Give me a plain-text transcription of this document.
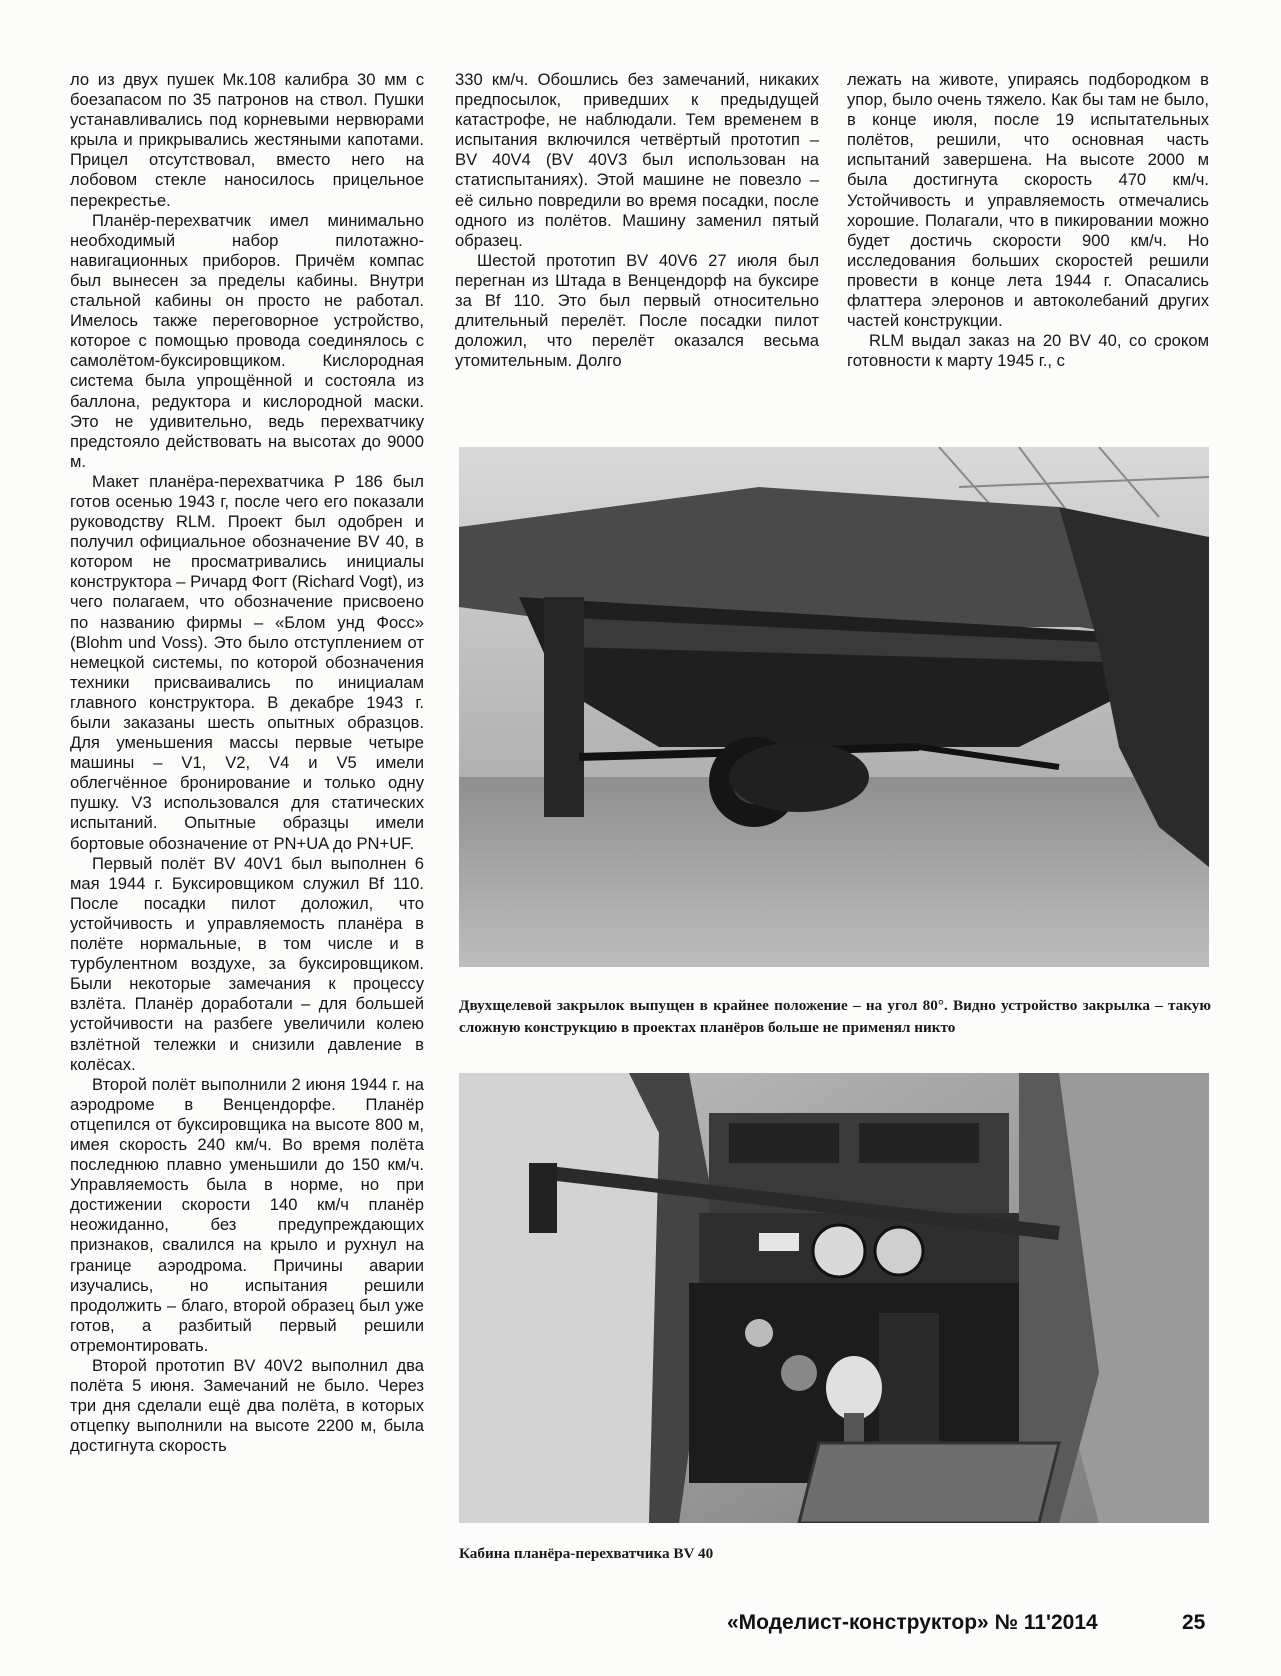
ло из двух пушек Мк.108 калибра 30 мм с боезапасом по 35 патронов на ствол. Пушки устанавливались под корневыми нервюрами крыла и прикрывались жестяными капотами. Прицел отсутствовал, вместо него на лобовом стекле наносилось прицельное перекрестье.

Планёр-перехватчик имел минимально необходимый набор пилотажно-навигационных приборов. Причём компас был вынесен за пределы кабины. Внутри стальной кабины он просто не работал. Имелось также переговорное устройство, которое с помощью провода соединялось с самолётом-буксировщиком. Кислородная система была упрощённой и состояла из баллона, редуктора и кислородной маски. Это не удивительно, ведь перехватчику предстояло действовать на высотах до 9000 м.

Макет планёра-перехватчика Р 186 был готов осенью 1943 г, после чего его показали руководству RLM. Проект был одобрен и получил официальное обозначение BV 40, в котором не просматривались инициалы конструктора – Ричард Фогт (Richard Vogt), из чего полагаем, что обозначение присвоено по названию фирмы – «Блом унд Фосс» (Blohm und Voss). Это было отступлением от немецкой системы, по которой обозначения техники присваивались по инициалам главного конструктора. В декабре 1943 г. были заказаны шесть опытных образцов. Для уменьшения массы первые четыре машины – V1, V2, V4 и V5 имели облегчённое бронирование и только одну пушку. V3 использовался для статических испытаний. Опытные образцы имели бортовые обозначение от PN+UA до PN+UF.

Первый полёт BV 40V1 был выполнен 6 мая 1944 г. Буксировщиком служил Bf 110. После посадки пилот доложил, что устойчивость и управляемость планёра в полёте нормальные, в том числе и в турбулентном воздухе, за буксировщиком. Были некоторые замечания к процессу взлёта. Планёр доработали – для большей устойчивости на разбеге увеличили колею взлётной тележки и снизили давление в колёсах.

Второй полёт выполнили 2 июня 1944 г. на аэродроме в Венцендорфе. Планёр отцепился от буксировщика на высоте 800 м, имея скорость 240 км/ч. Во время полёта последнюю плавно уменьшили до 150 км/ч. Управляемость была в норме, но при достижении скорости 140 км/ч планёр неожиданно, без предупреждающих признаков, свалился на крыло и рухнул на границе аэродрома. Причины аварии изучались, но испытания решили продолжить – благо, второй образец был уже готов, а разбитый первый решили отремонтировать.

Второй прототип BV 40V2 выполнил два полёта 5 июня. Замечаний не было. Через три дня сделали ещё два полёта, в которых отцепку выполнили на высоте 2200 м, была достигнута скорость

330 км/ч. Обошлись без замечаний, никаких предпосылок, приведших к предыдущей катастрофе, не наблюдали. Тем временем в испытания включился четвёртый прототип – BV 40V4 (BV 40V3 был использован на статиспытаниях). Этой машине не повезло – её сильно повредили во время посадки, после одного из полётов. Машину заменил пятый образец.

Шестой прототип BV 40V6 27 июля был перегнан из Штада в Венцендорф на буксире за Bf 110. Это был первый относительно длительный перелёт. После посадки пилот доложил, что перелёт оказался весьма утомительным. Долго

лежать на животе, упираясь подбородком в упор, было очень тяжело. Как бы там не было, в конце июля, после 19 испытательных полётов, решили, что основная часть испытаний завершена. На высоте 2000 м была достигнута скорость 470 км/ч. Устойчивость и управляемость отмечались хорошие. Полагали, что в пикировании можно будет достичь скорости 900 км/ч. Но исследования больших скоростей решили провести в конце лета 1944 г. Опасались флаттера элеронов и автоколебаний других частей конструкции.

RLM выдал заказ на 20 BV 40, со сроком готовности к марту 1945 г., с

Двухщелевой закрылок выпущен в крайнее положение – на угол 80°. Видно устройство закрылка – такую сложную конструкцию в проектах планёров больше не применял никто
Кабина планёра-перехватчика BV 40
«Моделист-конструктор» № 11'2014	25
